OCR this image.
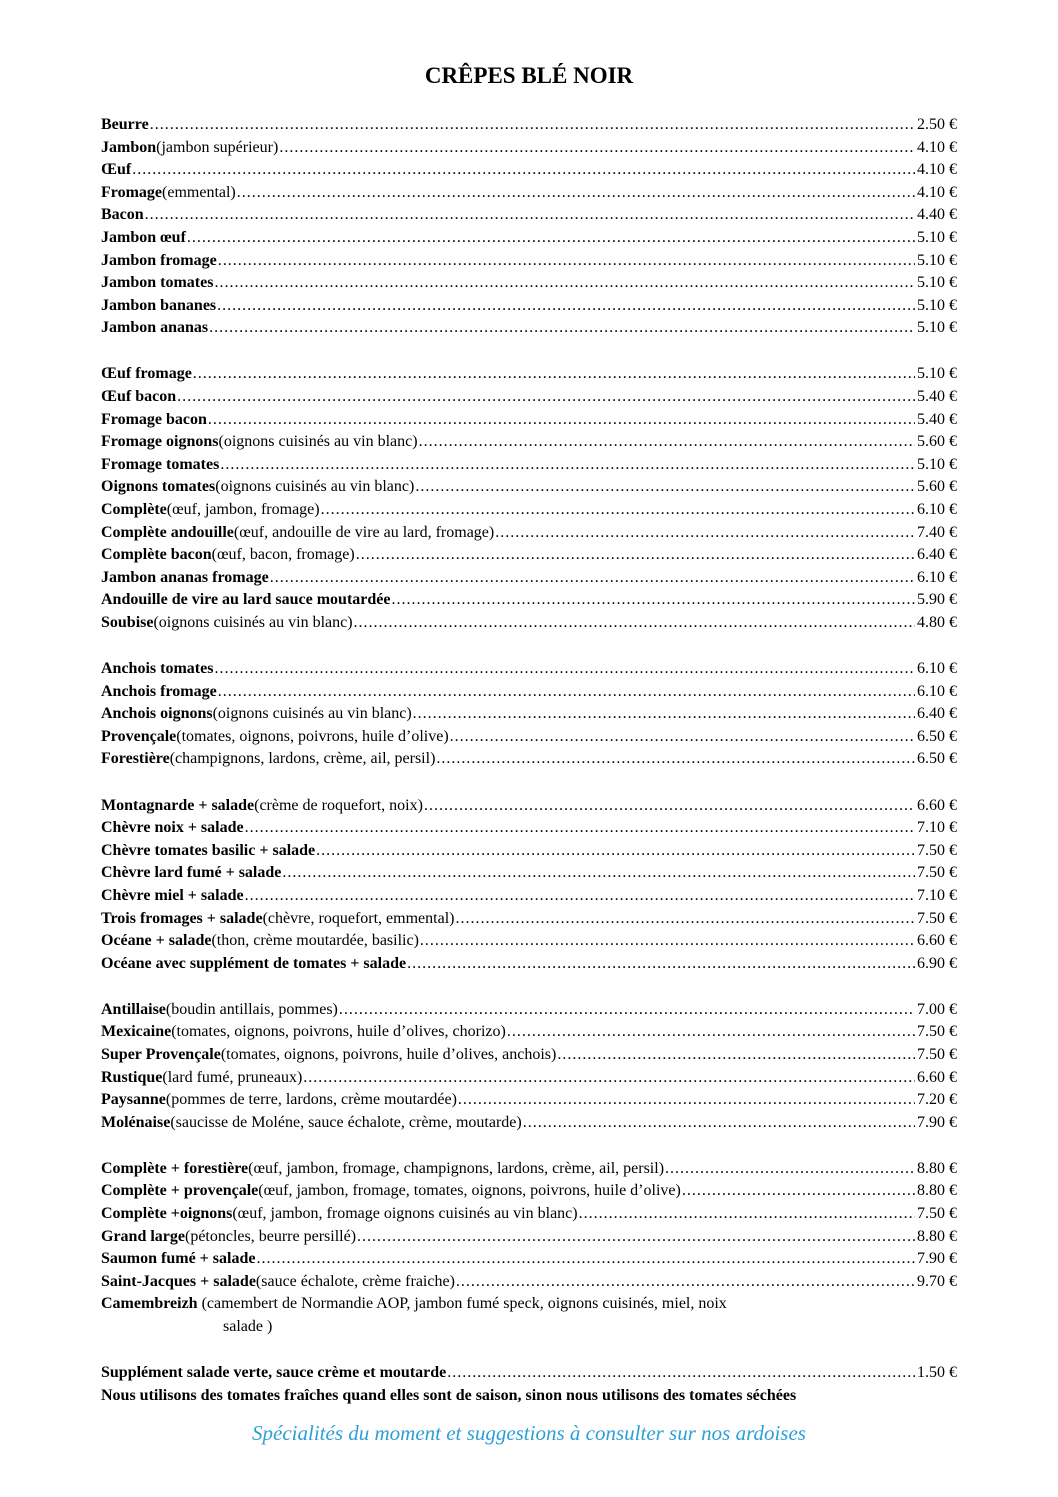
CRÊPES BLÉ NOIR
Beurre .....	2.50 €
Jambon (jambon supérieur) .....	4.10 €
Œuf .....	4.10 €
Fromage (emmental) .....	4.10 €
Bacon .....	4.40 €
Jambon œuf .....	5.10 €
Jambon fromage .....	5.10 €
Jambon tomates .....	5.10 €
Jambon bananes .....	5.10 €
Jambon ananas .....	5.10 €
Œuf fromage .....	5.10 €
Œuf bacon .....	5.40 €
Fromage bacon .....	5.40 €
Fromage oignons (oignons cuisinés au vin blanc) .....	5.60 €
Fromage tomates .....	5.10 €
Oignons tomates (oignons cuisinés au vin blanc) .....	5.60 €
Complète (œuf, jambon, fromage) .....	6.10 €
Complète andouille (œuf, andouille de vire au lard, fromage) .....	7.40 €
Complète bacon (œuf, bacon, fromage) .....	6.40 €
Jambon ananas fromage .....	6.10 €
Andouille de vire au lard sauce moutardée .....	5.90 €
Soubise (oignons cuisinés au vin blanc) .....	4.80 €
Anchois tomates .....	6.10 €
Anchois fromage .....	6.10 €
Anchois oignons (oignons cuisinés au vin blanc) .....	6.40 €
Provençale (tomates, oignons, poivrons, huile d’olive) .....	6.50 €
Forestière (champignons, lardons, crème, ail, persil) .....	6.50 €
Montagnarde + salade (crème de roquefort, noix) .....	6.60 €
Chèvre noix + salade .....	7.10 €
Chèvre tomates basilic + salade .....	7.50 €
Chèvre lard fumé + salade .....	7.50 €
Chèvre miel + salade .....	7.10 €
Trois fromages + salade (chèvre, roquefort, emmental) .....	7.50 €
Océane + salade (thon, crème moutardée, basilic) .....	6.60 €
Océane avec supplément de tomates + salade .....	6.90 €
Antillaise (boudin antillais, pommes) .....	7.00 €
Mexicaine (tomates, oignons, poivrons, huile d’olives, chorizo) .....	7.50 €
Super Provençale (tomates, oignons, poivrons, huile d’olives, anchois) .....	7.50 €
Rustique (lard fumé, pruneaux) .....	6.60 €
Paysanne (pommes de terre, lardons, crème moutardée) .....	7.20 €
Molénaise (saucisse de Moléne, sauce échalote, crème, moutarde) .....	7.90 €
Complète + forestière (œuf, jambon, fromage, champignons, lardons, crème, ail, persil) .....	8.80 €
Complète + provençale (œuf, jambon, fromage, tomates, oignons, poivrons, huile d’olive) .....	8.80 €
Complète +oignons (œuf, jambon, fromage oignons cuisinés au vin blanc) .....	7.50 €
Grand large (pétoncles, beurre persillé) .....	8.80 €
Saumon fumé + salade .....	7.90 €
Saint-Jacques + salade (sauce échalote, crème fraiche) .....	9.70 €
Camembreizh (camembert de Normandie AOP, jambon fumé speck, oignons cuisinés, miel, noix
salade )
Supplément salade verte, sauce crème et moutarde .....	1.50 €
Nous utilisons des tomates fraîches quand elles sont de saison, sinon nous utilisons des tomates séchées
Spécialités du moment et suggestions à consulter sur nos ardoises
